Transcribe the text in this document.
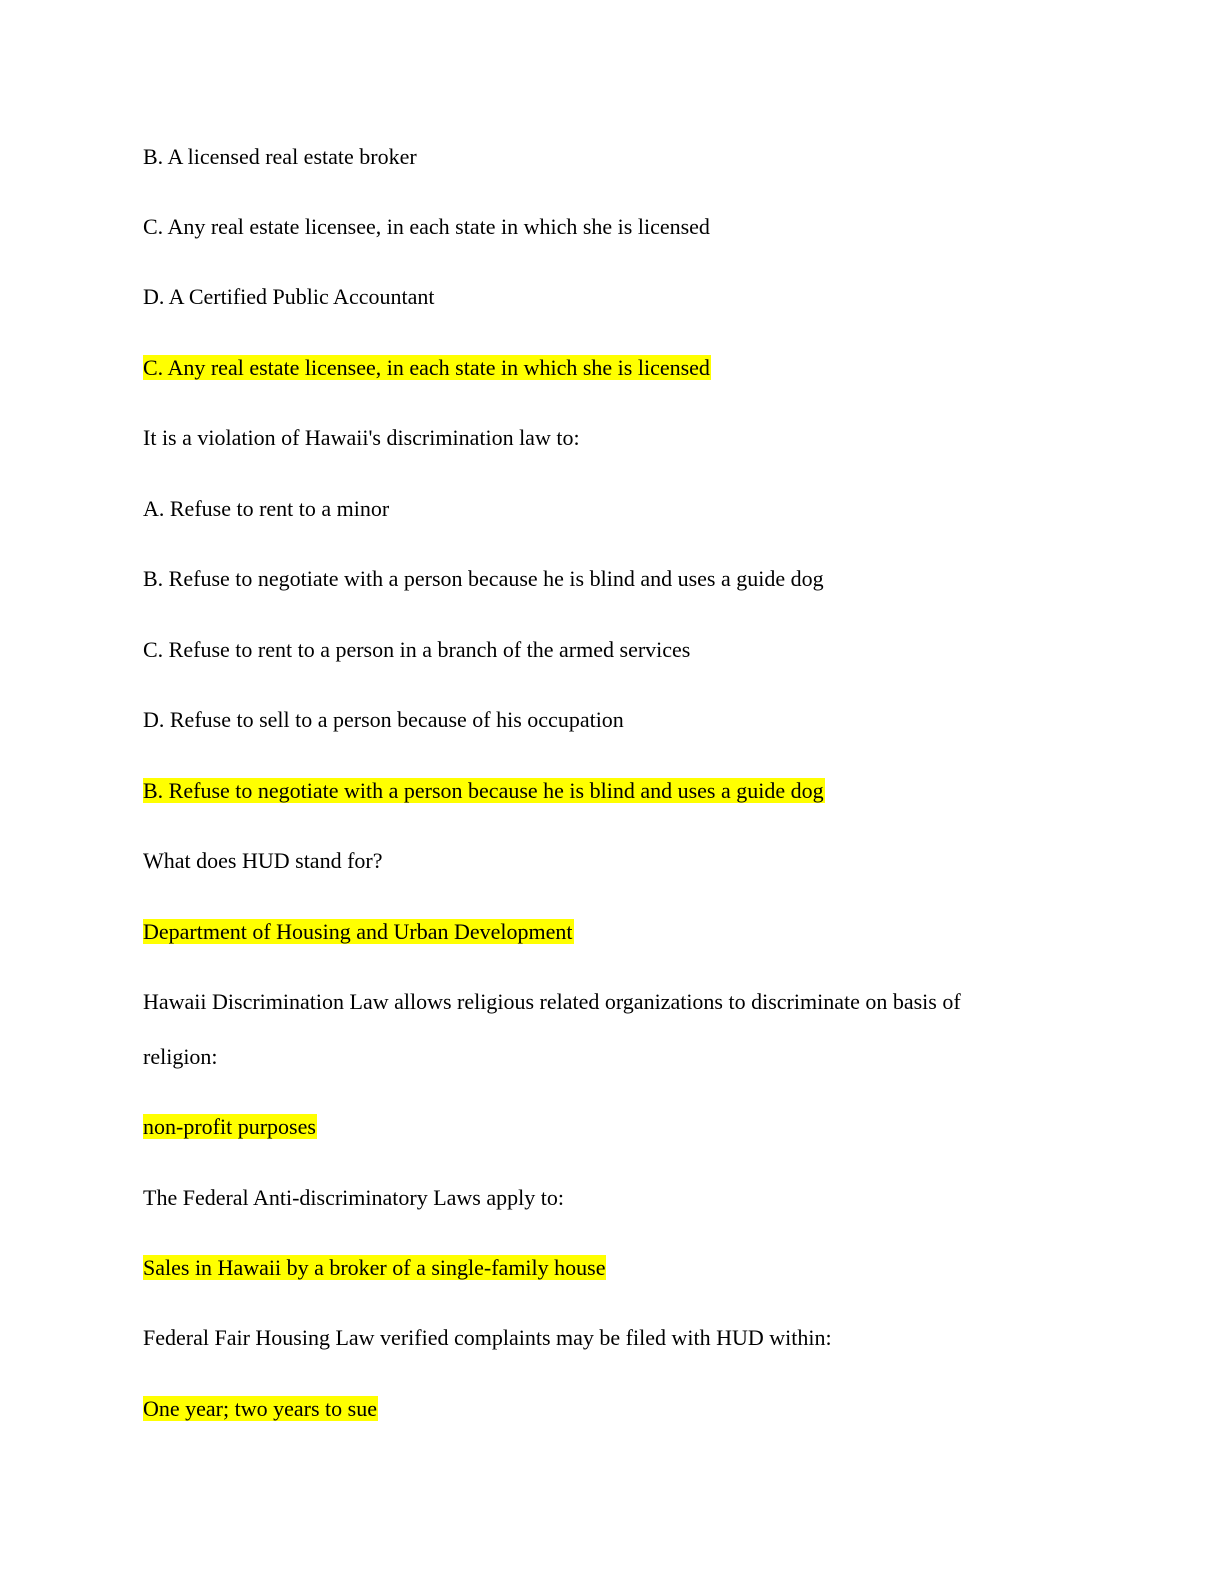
B. A licensed real estate broker

C. Any real estate licensee, in each state in which she is licensed

D. A Certified Public Accountant

C. Any real estate licensee, in each state in which she is licensed

It is a violation of Hawaii's discrimination law to:

A. Refuse to rent to a minor

B. Refuse to negotiate with a person because he is blind and uses a guide dog

C. Refuse to rent to a person in a branch of the armed services

D. Refuse to sell to a person because of his occupation

B. Refuse to negotiate with a person because he is blind and uses a guide dog

What does HUD stand for?

Department of Housing and Urban Development

Hawaii Discrimination Law allows religious related organizations to discriminate on basis of

religion:

non-profit purposes

The Federal Anti-discriminatory Laws apply to:

Sales in Hawaii by a broker of a single-family house

Federal Fair Housing Law verified complaints may be filed with HUD within:

One year; two years to sue
